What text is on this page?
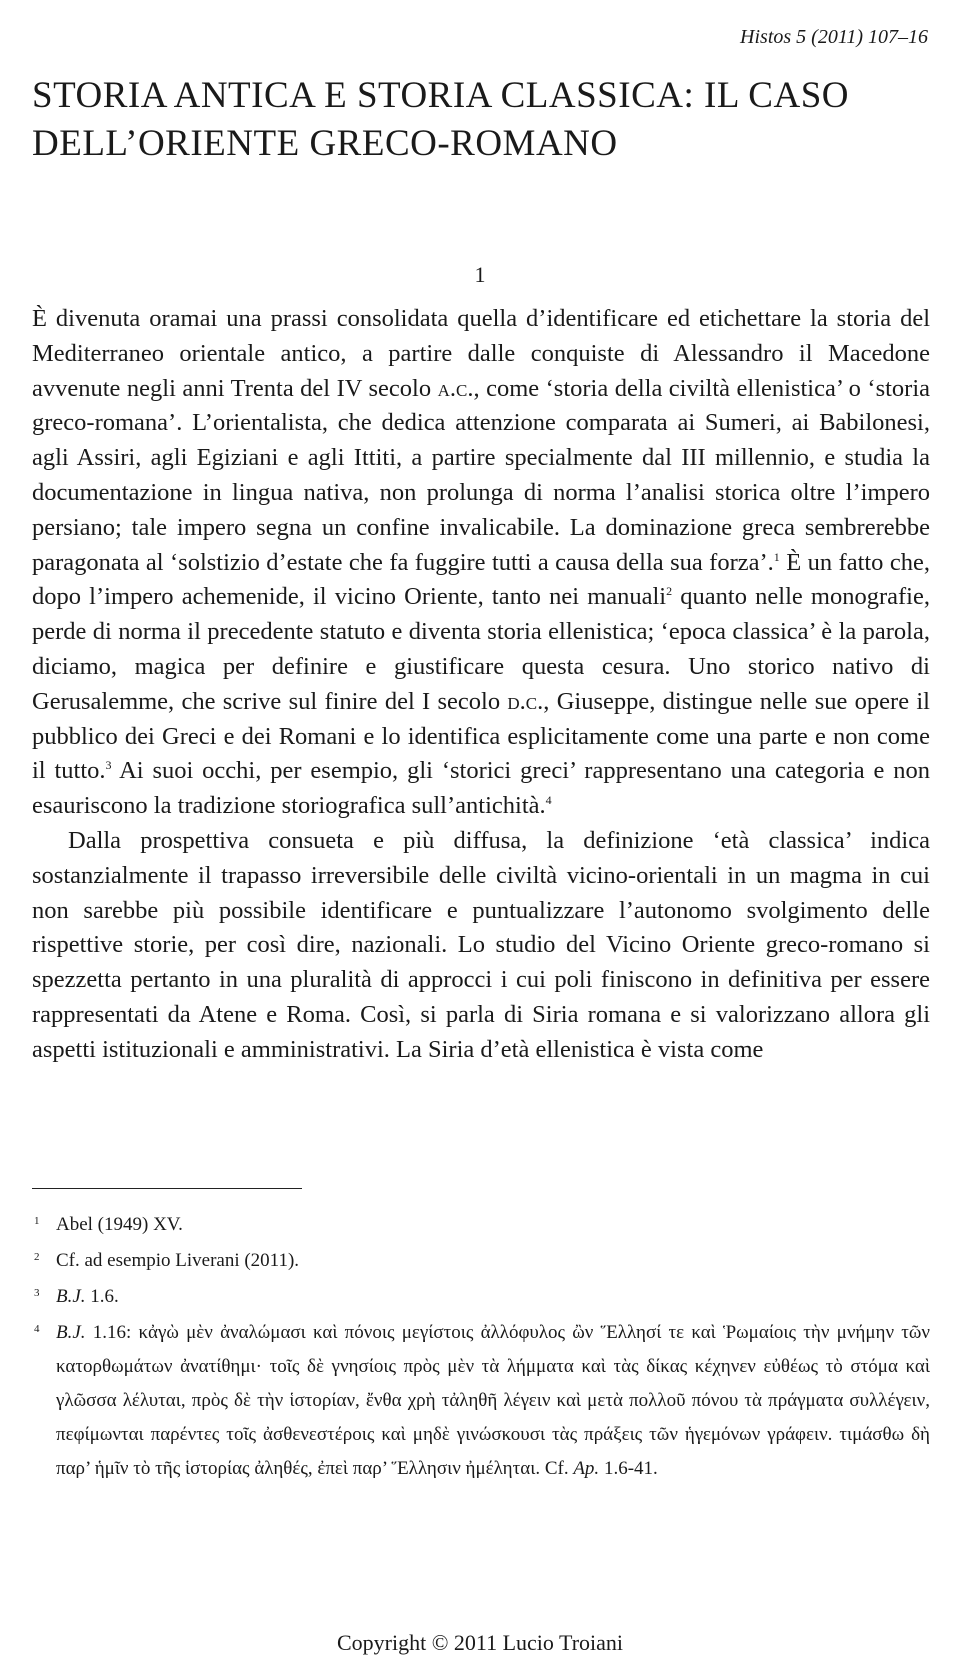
Histos 5 (2011) 107–16
STORIA ANTICA E STORIA CLASSICA: IL CASO DELL’ORIENTE GRECO-ROMANO
1

È divenuta oramai una prassi consolidata quella d’identificare ed etichettare la storia del Mediterraneo orientale antico, a partire dalle conquiste di Alessandro il Macedone avvenute negli anni Trenta del IV secolo a.c., come ‘storia della civiltà ellenistica’ o ‘storia greco-romana’. L’orientalista, che dedica attenzione comparata ai Sumeri, ai Babilonesi, agli Assiri, agli Egiziani e agli Ittiti, a partire specialmente dal III millennio, e studia la documentazione in lingua nativa, non prolunga di norma l’analisi storica oltre l’impero persiano; tale impero segna un confine invalicabile. La dominazione greca sembrerebbe paragonata al ‘solstizio d’estate che fa fuggire tutti a causa della sua forza’.$^1$ È un fatto che, dopo l’impero achemenide, il vicino Oriente, tanto nei manuali$^2$ quanto nelle monografie, perde di norma il precedente statuto e diventa storia ellenistica; ‘epoca classica’ è la parola, diciamo, magica per definire e giustificare questa cesura. Uno storico nativo di Gerusalemme, che scrive sul finire del I secolo d.c., Giuseppe, distingue nelle sue opere il pubblico dei Greci e dei Romani e lo identifica esplicitamente come una parte e non come il tutto.$^3$ Ai suoi occhi, per esempio, gli ‘storici greci’ rappresentano una categoria e non esauriscono la tradizione storiografica sull’antichità.$^4$

Dalla prospettiva consueta e più diffusa, la definizione ‘età classica’ indica sostanzialmente il trapasso irreversibile delle civiltà vicino-orientali in un magma in cui non sarebbe più possibile identificare e puntualizzare l’autonomo svolgimento delle rispettive storie, per così dire, nazionali. Lo studio del Vicino Oriente greco-romano si spezzetta pertanto in una pluralità di approcci i cui poli finiscono in definitiva per essere rappresentati da Atene e Roma. Così, si parla di Siria romana e si valorizzano allora gli aspetti istituzionali e amministrativi. La Siria d’età ellenistica è vista come

1 Abel (1949) XV.

2 Cf. ad esempio Liverani (2011).

3 B.J. 1.6.

4 B.J. 1.16: κἀγὼ μὲν ἀναλώμασι καὶ πόνοις μεγίστοις ἀλλόφυλος ὢν Ἕλλησί τε καὶ Ῥωμαίοις τὴν μνήμην τῶν κατορθωμάτων ἀνατίθημι· τοῖς δὲ γνησίοις πρὸς μὲν τὰ λήμματα καὶ τὰς δίκας κέχηνεν εὐθέως τὸ στόμα καὶ γλῶσσα λέλυται, πρὸς δὲ τὴν ἱστορίαν, ἔνθα χρὴ τἀληθῆ λέγειν καὶ μετὰ πολλοῦ πόνου τὰ πράγματα συλλέγειν, πεφίμωνται παρέντες τοῖς ἀσθενεστέροις καὶ μηδὲ γινώσκουσι τὰς πράξεις τῶν ἡγεμόνων γράφειν. τιμάσθω δὴ παρ’ ἡμῖν τὸ τῆς ἱστορίας ἀληθές, ἐπεὶ παρ’ Ἕλλησιν ἠμέληται. Cf. Ap. 1.6-41.

Copyright © 2011 Lucio Troiani
